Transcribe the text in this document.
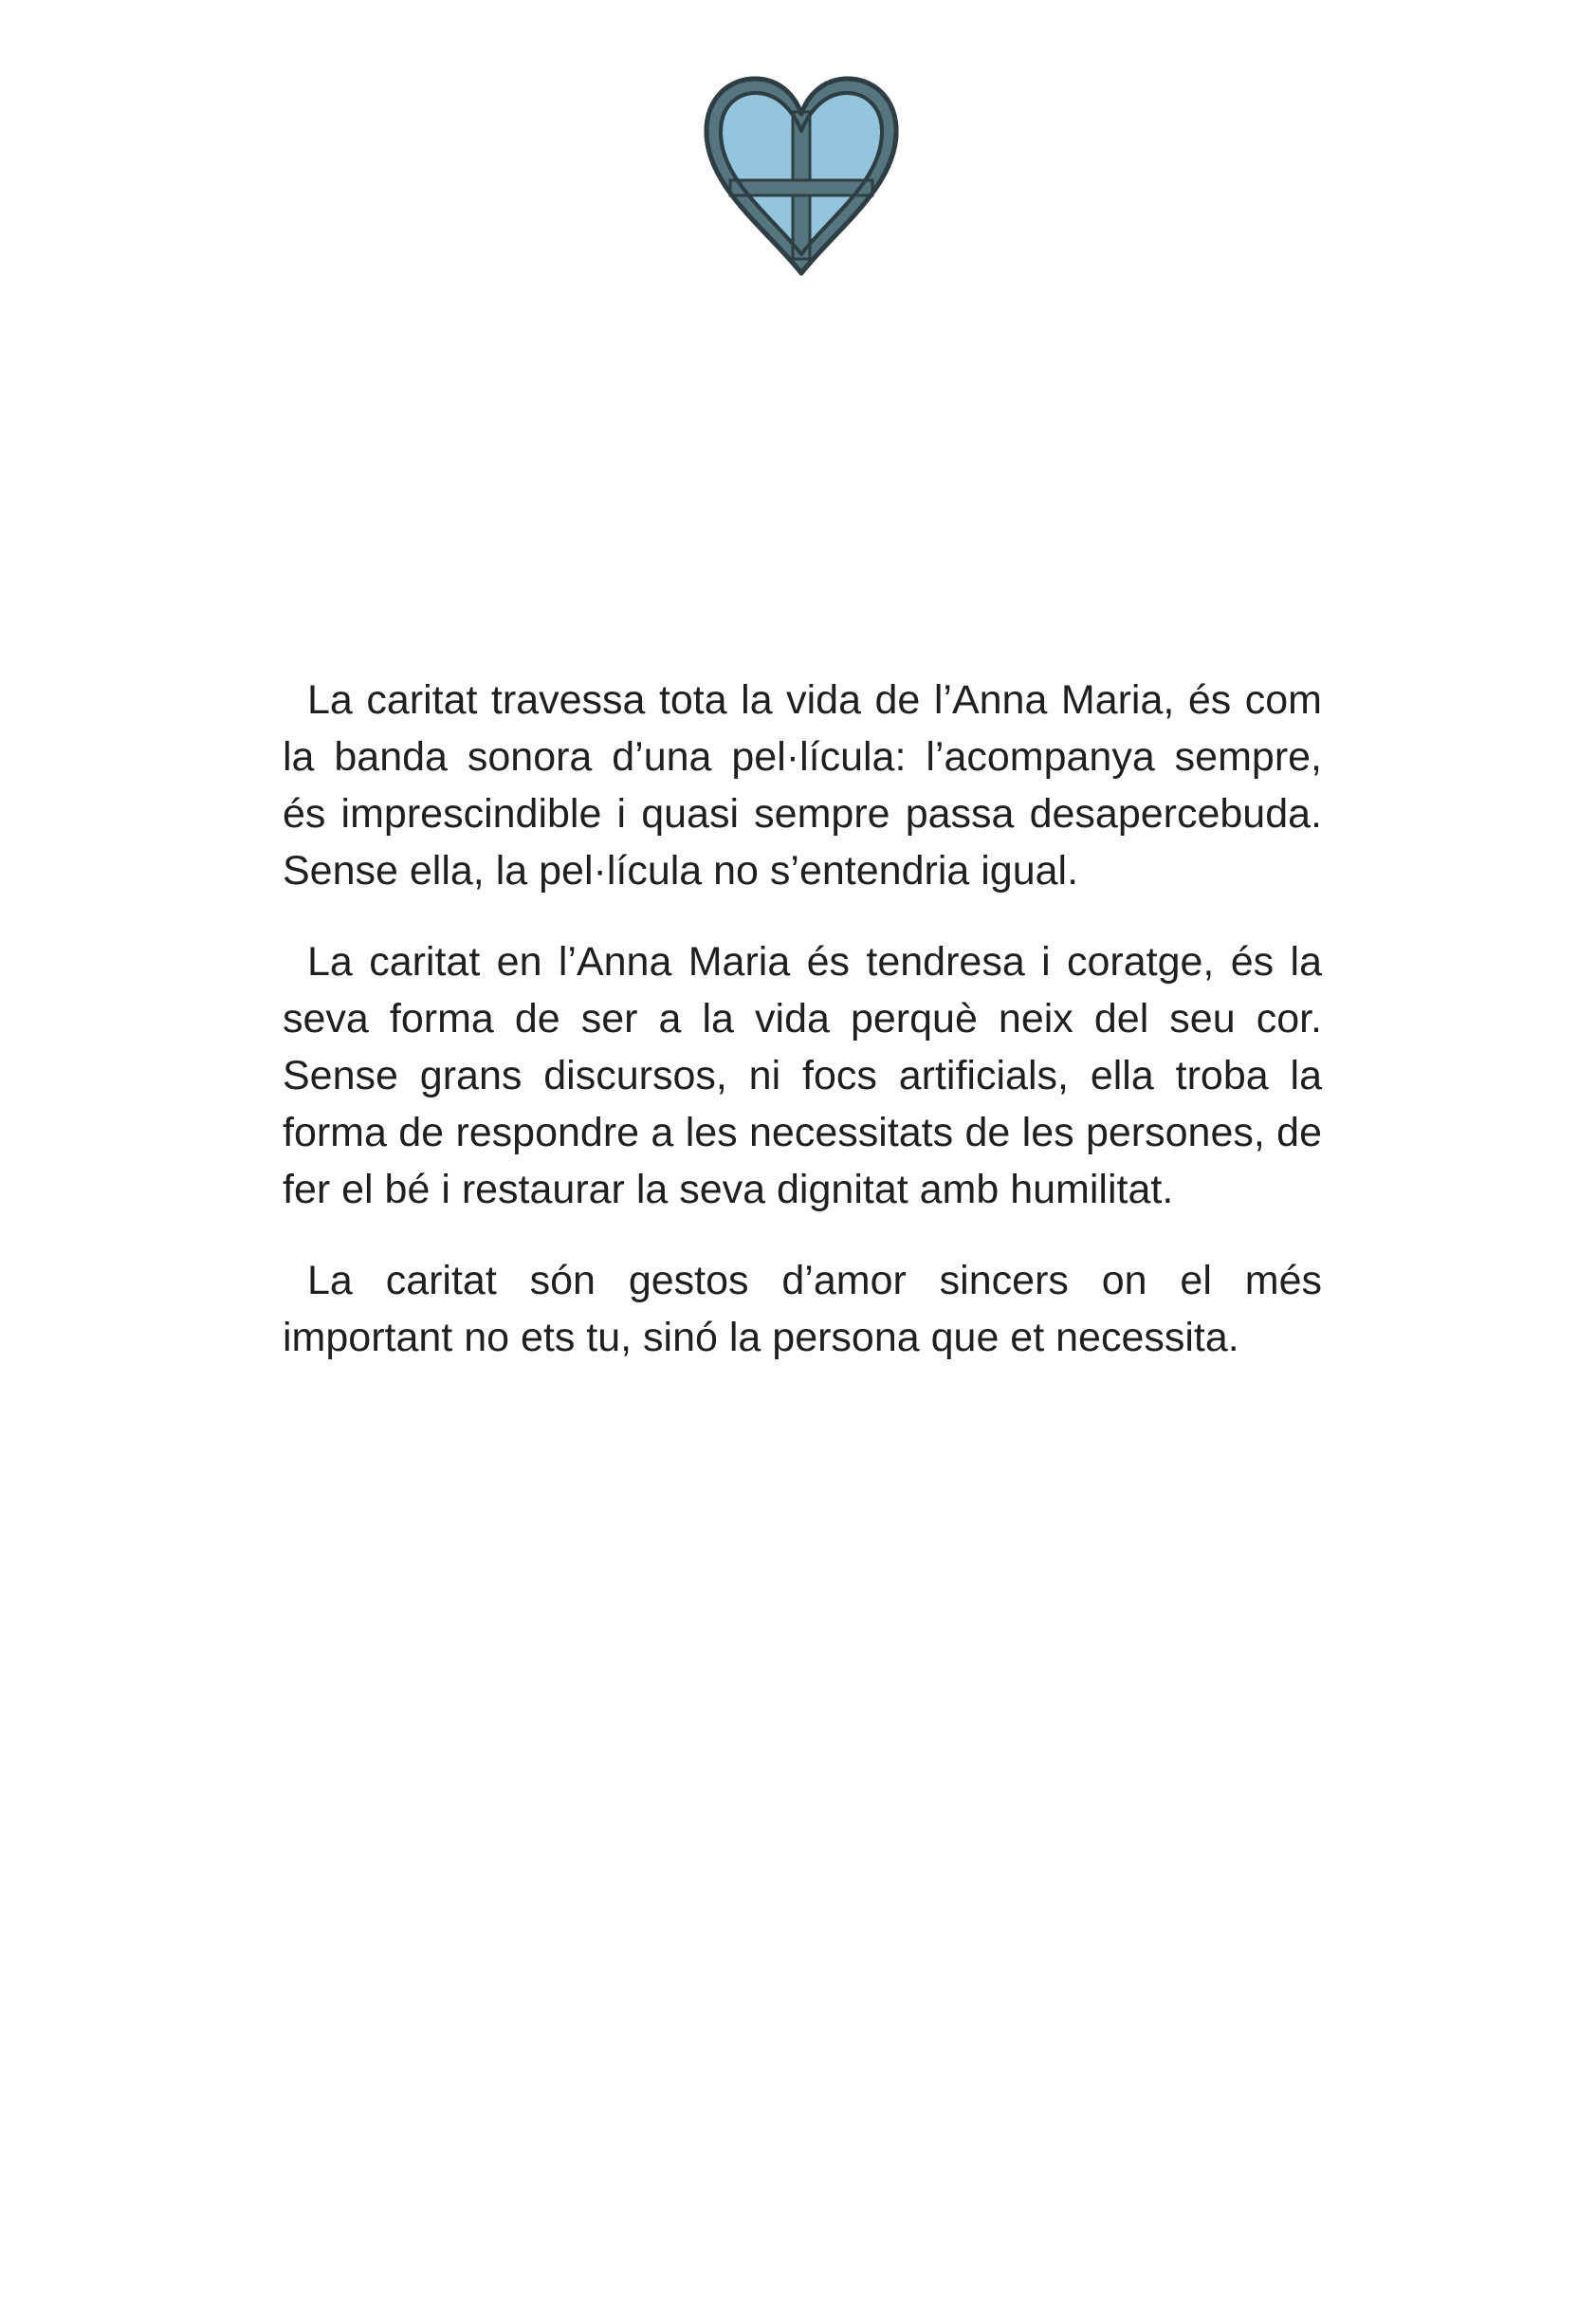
La caritat travessa tota la vida de l’Anna Maria, és com la banda sonora d’una pel·lícula: l’acompanya sempre, és imprescindible i quasi sempre passa desapercebuda. Sense ella, la pel·lícula no s’entendria igual.

La caritat en l’Anna Maria és tendresa i coratge, és la seva forma de ser a la vida perquè neix del seu cor. Sense grans discursos, ni focs artificials, ella troba la forma de respondre a les necessitats de les persones, de fer el bé i restaurar la seva dignitat amb humilitat.

La caritat són gestos d’amor sincers on el més important no ets tu, sinó la persona que et necessita.
